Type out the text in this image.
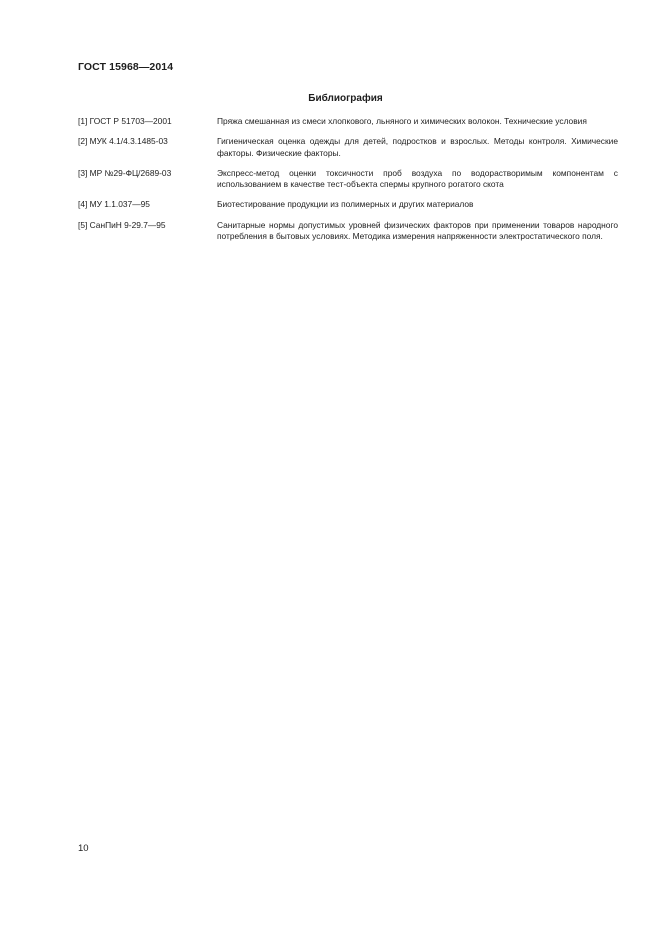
ГОСТ 15968—2014
Библиография
[1] ГОСТ Р 51703—2001	Пряжа смешанная из смеси хлопкового, льняного и химических волокон. Технические условия
[2] МУК 4.1/4.3.1485-03	Гигиеническая оценка одежды для детей, подростков и взрослых. Методы контроля. Химические факторы. Физические факторы.
[3] МР №29-ФЦ/2689-03	Экспресс-метод оценки токсичности проб воздуха по водорастворимым компонентам с использованием в качестве тест-объекта спермы крупного рогатого скота
[4] МУ 1.1.037—95	Биотестирование продукции из полимерных и других материалов
[5] СанПиН 9-29.7—95	Санитарные нормы допустимых уровней физических факторов при применении товаров народного потребления в бытовых условиях. Методика измерения напряженности электростатического поля.
10
